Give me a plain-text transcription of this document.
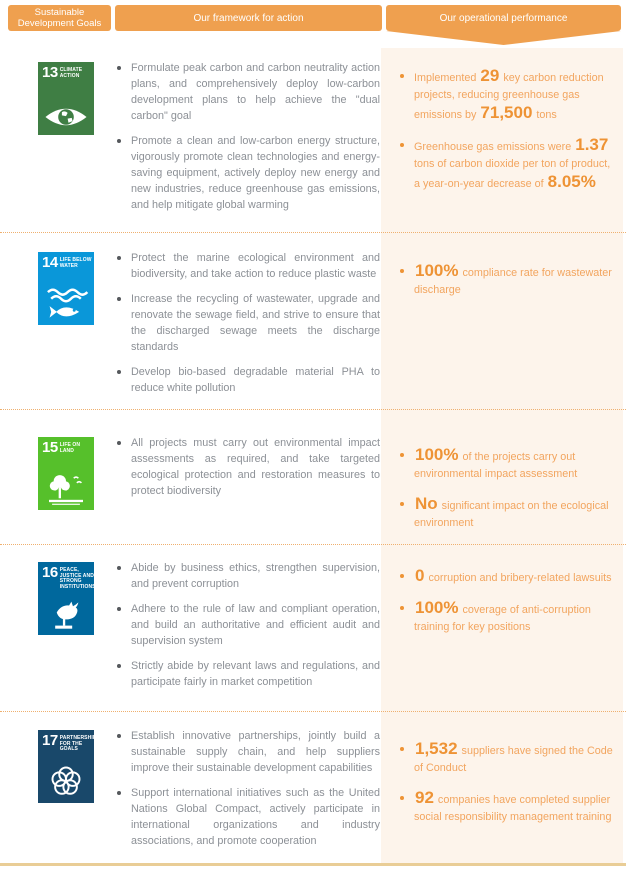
Sustainable Development Goals	Our framework for action	Our operational performance
13 CLIMATE ACTION
Formulate peak carbon and carbon neutrality action plans, and comprehensively deploy low-carbon development plans to help achieve the "dual carbon" goal
Promote a clean and low-carbon energy structure, vigorously promote clean technologies and energy-saving equipment, actively deploy new energy and new industries, reduce greenhouse gas emissions, and help mitigate global warming
Implemented 29 key carbon reduction projects, reducing greenhouse gas emissions by 71,500 tons
Greenhouse gas emissions were 1.37 tons of carbon dioxide per ton of product, a year-on-year decrease of 8.05%
14 LIFE BELOW WATER
Protect the marine ecological environment and biodiversity, and take action to reduce plastic waste
Increase the recycling of wastewater, upgrade and renovate the sewage field, and strive to ensure that the discharged sewage meets the discharge standards
Develop bio-based degradable material PHA to reduce white pollution
100% compliance rate for wastewater discharge
15 LIFE ON LAND
All projects must carry out environmental impact assessments as required, and take targeted ecological protection and restoration measures to protect biodiversity
100% of the projects carry out environmental impact assessment
No significant impact on the ecological environment
16 PEACE, JUSTICE AND STRONG INSTITUTIONS
Abide by business ethics, strengthen supervision, and prevent corruption
Adhere to the rule of law and compliant operation, and build an authoritative and efficient audit and supervision system
Strictly abide by relevant laws and regulations, and participate fairly in market competition
0 corruption and bribery-related lawsuits
100% coverage of anti-corruption training for key positions
17 PARTNERSHIPS FOR THE GOALS
Establish innovative partnerships, jointly build a sustainable supply chain, and help suppliers improve their sustainable development capabilities
Support international initiatives such as the United Nations Global Compact, actively participate in international organizations and industry associations, and promote cooperation
1,532 suppliers have signed the Code of Conduct
92 companies have completed supplier social responsibility management training
